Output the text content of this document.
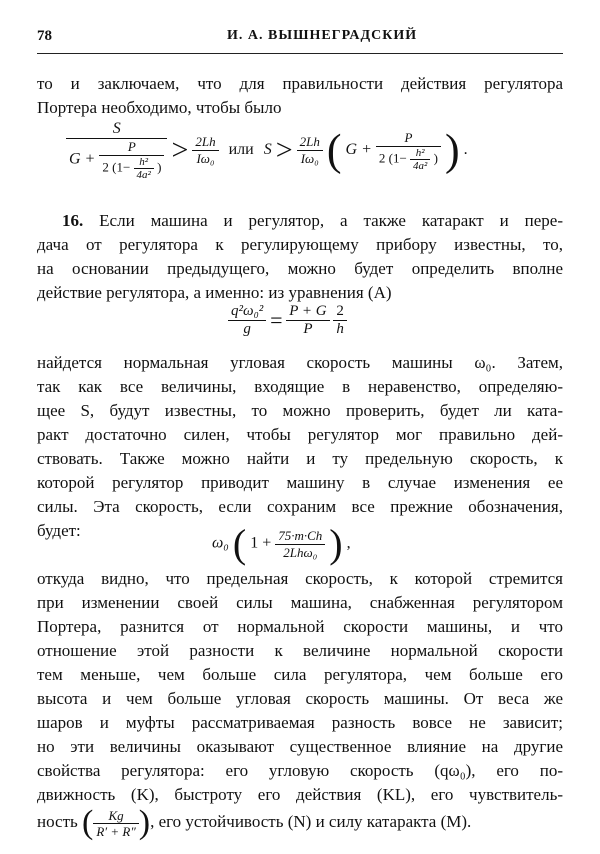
78	И. А. ВЫШНЕГРАДСКИЙ
то и заключаем, что для правильности действия регулятора
Портера необходимо, чтобы было
S
G +
P
2 ($1- \frac{\text{h²}}{\text{4a²}}$ )
> $\frac{2Lh}{\text{Iω₀}}$ или $S > \frac{2Lh}{\text{Iω₀}}$ ( G +
P
2 ($1- \frac{\text{h²}}{\text{4a²}}$ ) ) .
16. Если машина и регулятор, а также катаракт и пере-
дача от регулятора к регулирующему прибору известны, то,
на основании предыдущего, можно будет определить вполне
действие регулятора, а именно: из уравнения (А)
$\frac{\text{q²ω₀²}}{g} = \frac{P + G}{P}$
$\frac{2}{h}$
найдется нормальная угловая скорость машины ω₀. Затем,
так как все величины, входящие в неравенство, определяю-
щее S, будут известны, то можно проверить, будет ли ката-
ракт достаточно силен, чтобы регулятор мог правильно дей-
ствовать. Также можно найти и ту предельную скорость, к
которой регулятор приводит машину в случае изменения ее
силы. Эта скорость, если сохраним все прежние обозначения,
будет:
ω₀ ( $1 + \frac{75\cdot m\cdot Ch}{\text{2Lhω₀}}$ ) ,
откуда видно, что предельная скорость, к которой стремится
при изменении своей силы машина, снабженная регулятором
Портера, разнится от нормальной скорости машины, и что
отношение этой разности к величине нормальной скорости
тем меньше, чем больше сила регулятора, чем больше его
высота и чем больше угловая скорость машины. От веса же
шаров и муфты рассматриваемая разность вовсе не зависит;
но эти величины оказывают существенное влияние на другие
свойства регулятора: его угловую скорость (qω₀), его по-
движность (K), быстроту его действия (KL), его чувствитель-
ность ( $\frac{Kg}{R' + R''}$ ), его устойчивость (N) и силу катаракта (M).
